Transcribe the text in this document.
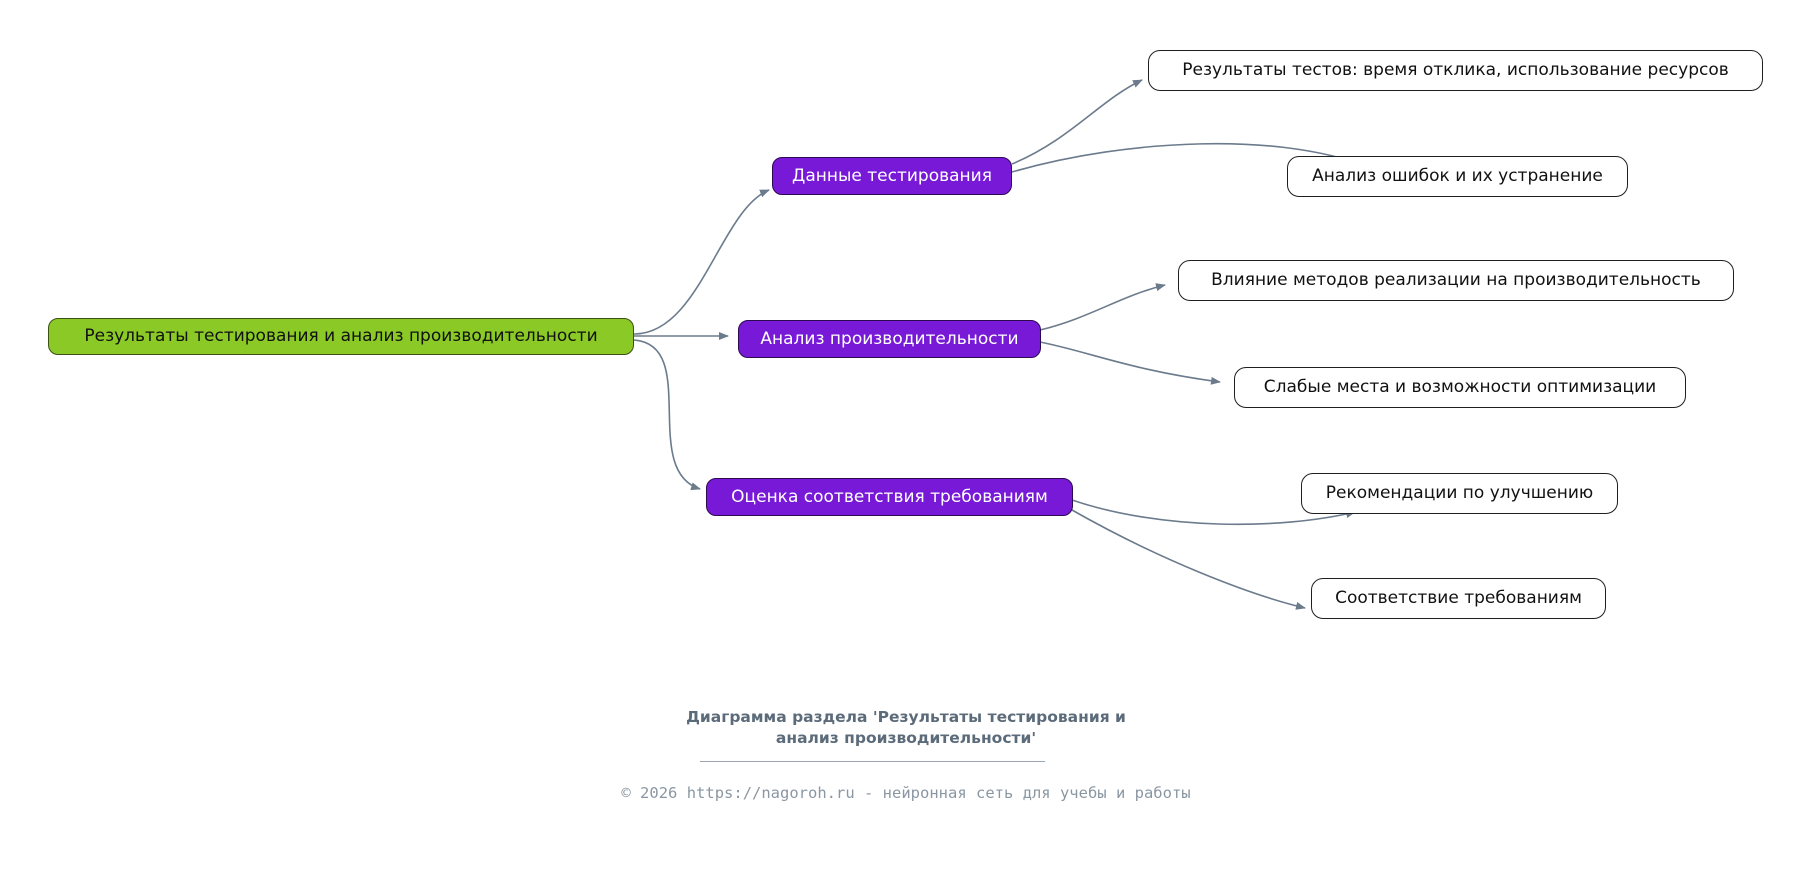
Результаты тестирования и анализ производительности
Данные тестирования
Анализ производительности
Оценка соответствия требованиям
Результаты тестов: время отклика, использование ресурсов
Анализ ошибок и их устранение
Влияние методов реализации на производительность
Слабые места и возможности оптимизации
Рекомендации по улучшению
Соответствие требованиям
Диаграмма раздела 'Результаты тестирования и
анализ производительности'
© 2026 https://nagoroh.ru - нейронная сеть для учебы и работы
